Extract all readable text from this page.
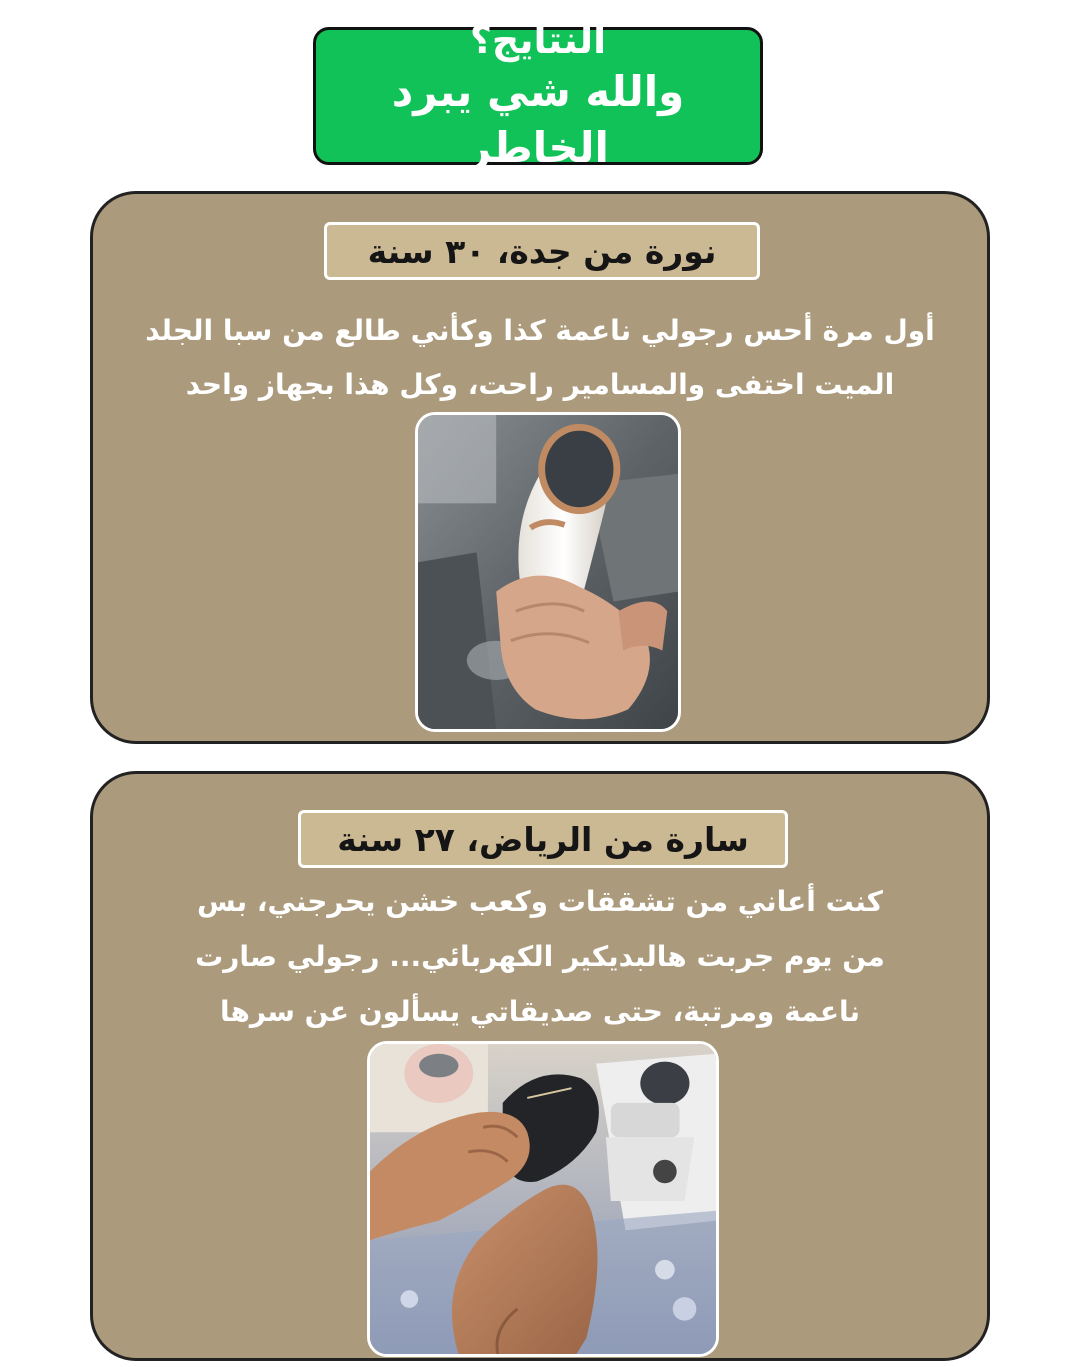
النتايج؟
والله شي يبرد الخاطر
نورة من جدة، ٣٠ سنة
أول مرة أحس رجولي ناعمة كذا وكأني طالع من سبا الجلد
الميت اختفى والمسامير راحت، وكل هذا بجهاز واحد
سارة من الرياض، ٢٧ سنة
كنت أعاني من تشققات وكعب خشن يحرجني، بس
من يوم جربت هالبديكير الكهربائي... رجولي صارت
ناعمة ومرتبة، حتى صديقاتي يسألون عن سرها
